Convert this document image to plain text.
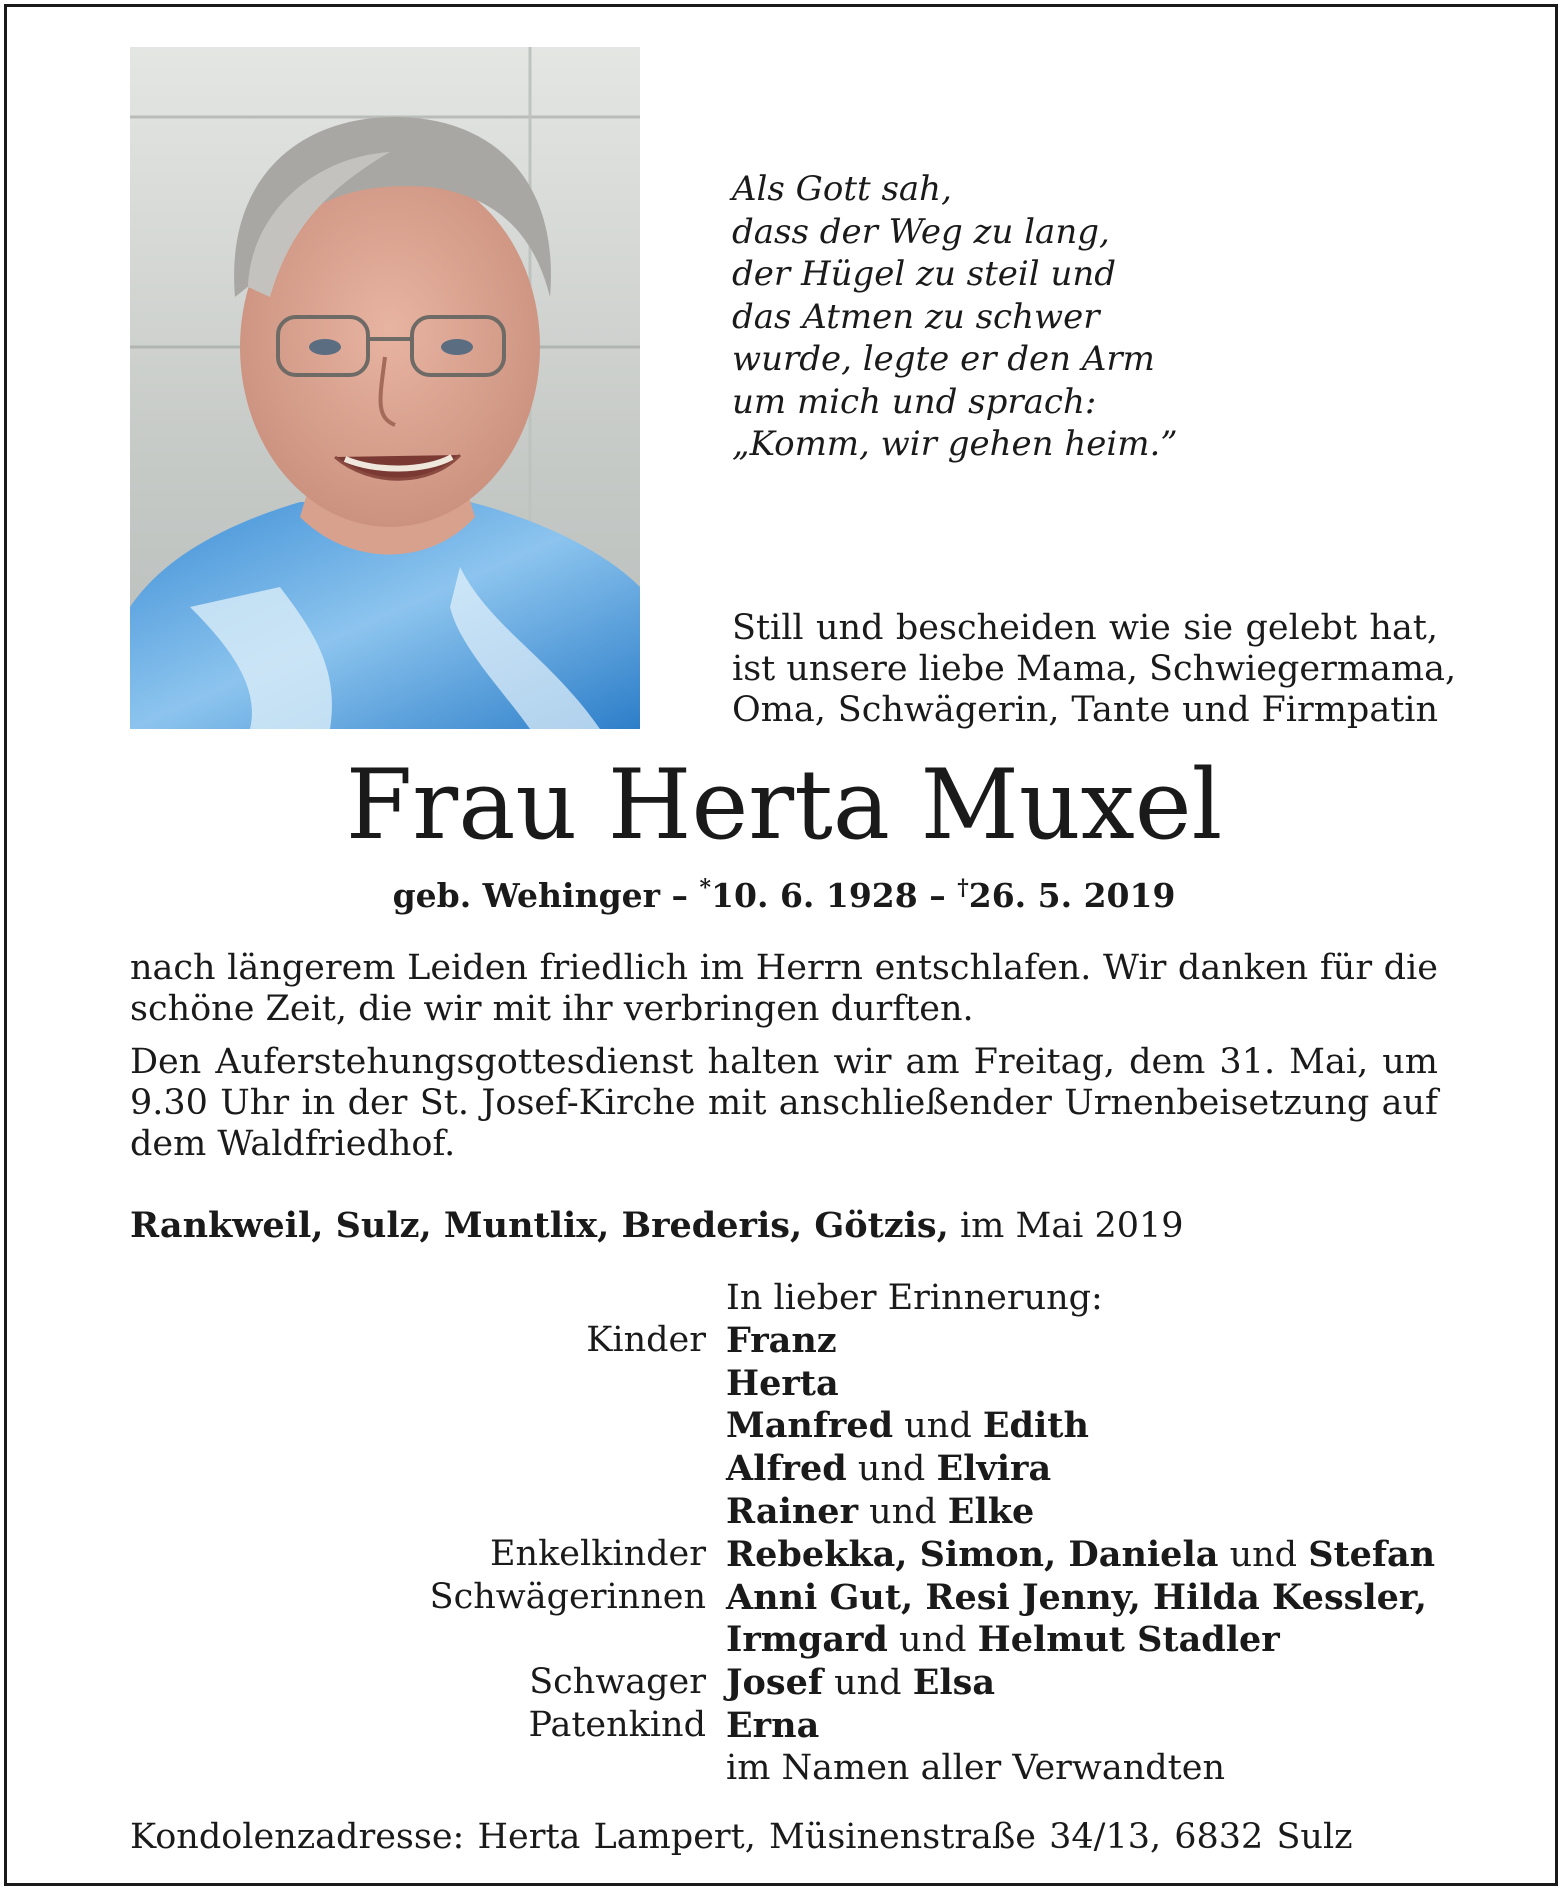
Als Gott sah,
dass der Weg zu lang,
der Hügel zu steil und
das Atmen zu schwer
wurde, legte er den Arm
um mich und sprach:
„Komm, wir gehen heim.”
Still und bescheiden wie sie gelebt hat,
ist unsere liebe Mama, Schwiegermama,
Oma, Schwägerin, Tante und Firmpatin
Frau Herta Muxel
geb. Wehinger – *10. 6. 1928 – †26. 5. 2019
nach längerem Leiden friedlich im Herrn entschlafen. Wir danken für die
schöne Zeit, die wir mit ihr verbringen durften.
Den Auferstehungsgottesdienst halten wir am Freitag, dem 31. Mai, um
9.30 Uhr in der St. Josef-Kirche mit anschließender Urnenbeisetzung auf
dem Waldfriedhof.
Rankweil, Sulz, Muntlix, Brederis, Götzis, im Mai 2019
In lieber Erinnerung:
Kinder Franz
Herta
Manfred und Edith
Alfred und Elvira
Rainer und Elke
Enkelkinder Rebekka, Simon, Daniela und Stefan
Schwägerinnen Anni Gut, Resi Jenny, Hilda Kessler,
Irmgard und Helmut Stadler
Schwager Josef und Elsa
Patenkind Erna
im Namen aller Verwandten
Kondolenzadresse: Herta Lampert, Müsinenstraße 34/13, 6832 Sulz
